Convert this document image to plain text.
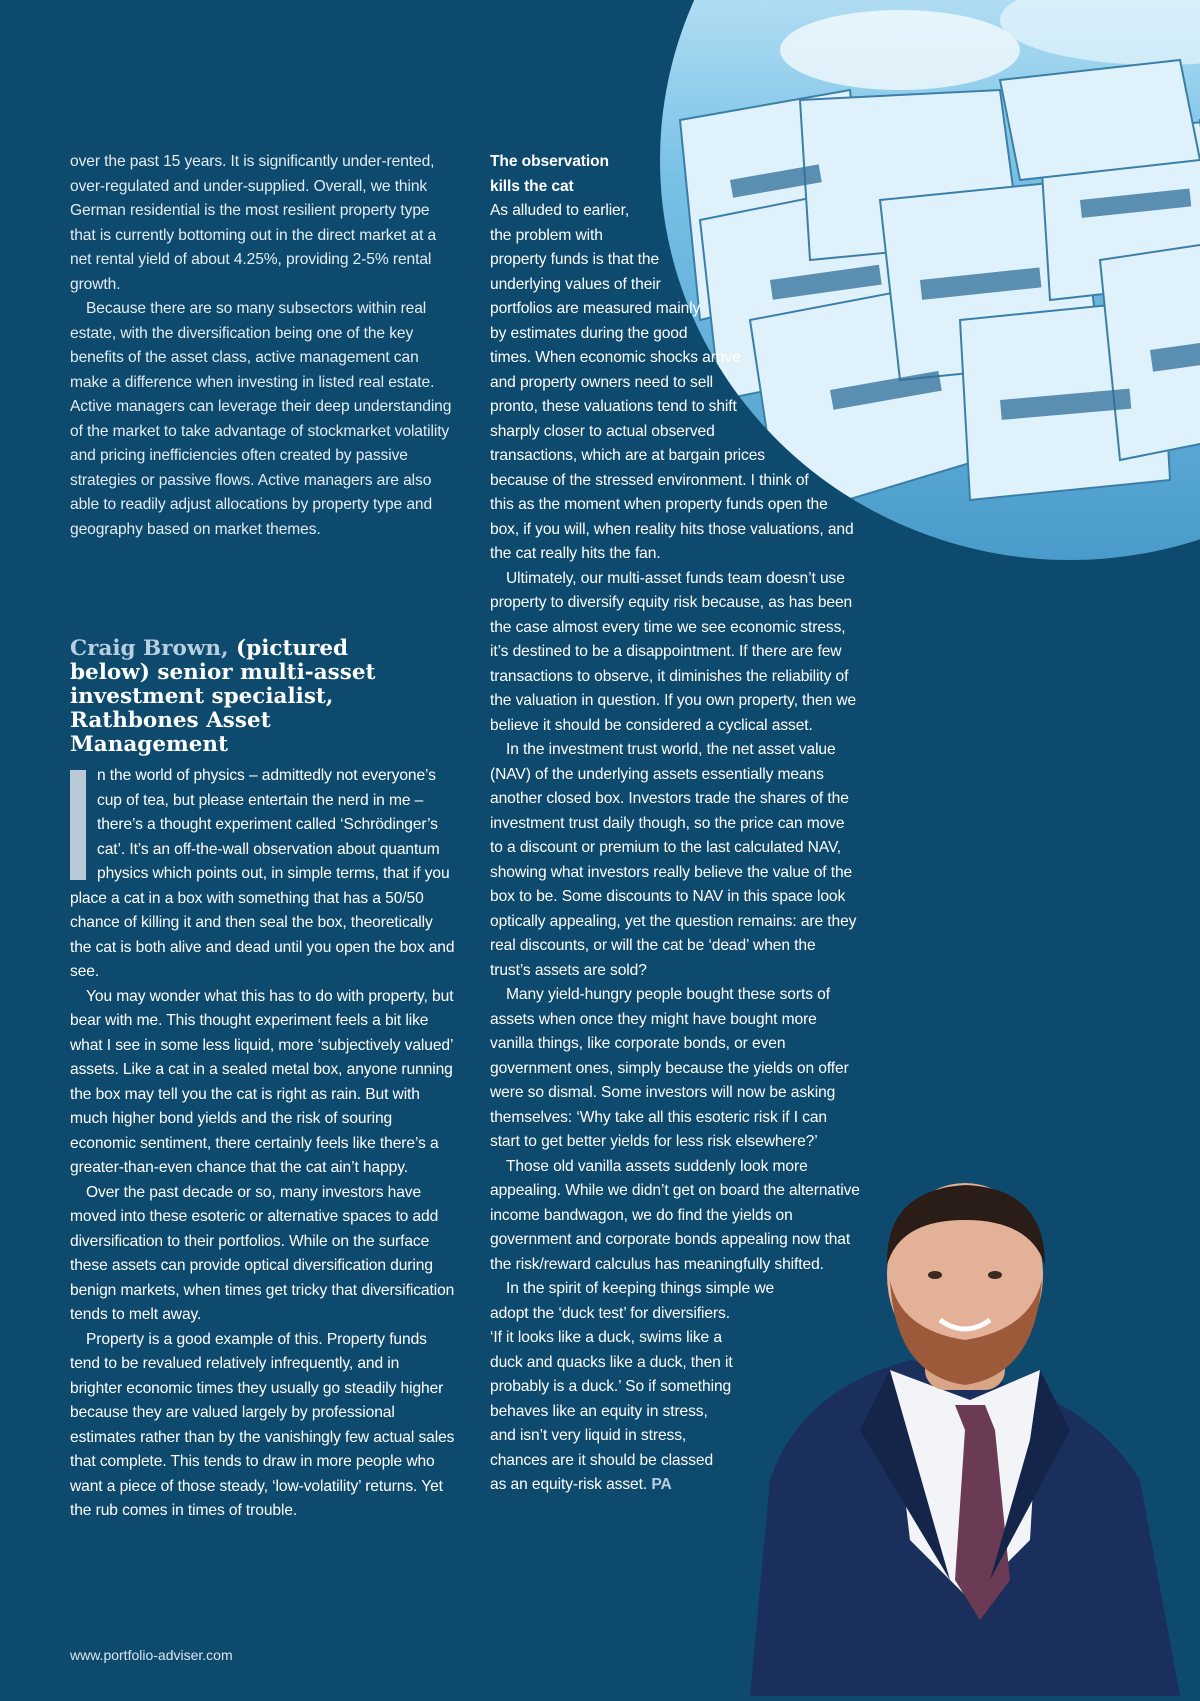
over the past 15 years. It is significantly under-rented, over-regulated and under-supplied. Overall, we think German residential is the most resilient property type that is currently bottoming out in the direct market at a net rental yield of about 4.25%, providing 2-5% rental growth.

Because there are so many subsectors within real estate, with the diversification being one of the key benefits of the asset class, active management can make a difference when investing in listed real estate. Active managers can leverage their deep understanding of the market to take advantage of stockmarket volatility and pricing inefficiencies often created by passive strategies or passive flows. Active managers are also able to readily adjust allocations by property type and geography based on market themes.

Craig Brown, (pictured below) senior multi-asset investment specialist, Rathbones Asset Management

n the world of physics – admittedly not everyone’s cup of tea, but please entertain the nerd in me – there’s a thought experiment called ‘Schrödinger’s cat’. It’s an off-the-wall observation about quantum physics which points out, in simple terms, that if you place a cat in a box with something that has a 50/50 chance of killing it and then seal the box, theoretically the cat is both alive and dead until you open the box and see.

You may wonder what this has to do with property, but bear with me. This thought experiment feels a bit like what I see in some less liquid, more ‘subjectively valued’ assets. Like a cat in a sealed metal box, anyone running the box may tell you the cat is right as rain. But with much higher bond yields and the risk of souring economic sentiment, there certainly feels like there’s a greater-than-even chance that the cat ain’t happy.

Over the past decade or so, many investors have moved into these esoteric or alternative spaces to add diversification to their portfolios. While on the surface these assets can provide optical diversification during benign markets, when times get tricky that diversification tends to melt away.

Property is a good example of this. Property funds tend to be revalued relatively infrequently, and in brighter economic times they usually go steadily higher because they are valued largely by professional estimates rather than by the vanishingly few actual sales that complete. This tends to draw in more people who want a piece of those steady, ‘low-volatility’ returns. Yet the rub comes in times of trouble.

The observation
kills the cat

As alluded to earlier, the problem with property funds is that the underlying values of their portfolios are measured mainly by estimates during the good times. When economic shocks arrive and property owners need to sell pronto, these valuations tend to shift sharply closer to actual observed transactions, which are at bargain prices because of the stressed environment. I think of this as the moment when property funds open the box, if you will, when reality hits those valuations, and the cat really hits the fan.

Ultimately, our multi-asset funds team doesn’t use property to diversify equity risk because, as has been the case almost every time we see economic stress, it’s destined to be a disappointment. If there are few transactions to observe, it diminishes the reliability of the valuation in question. If you own property, then we believe it should be considered a cyclical asset.

In the investment trust world, the net asset value (NAV) of the underlying assets essentially means another closed box. Investors trade the shares of the investment trust daily though, so the price can move to a discount or premium to the last calculated NAV, showing what investors really believe the value of the box to be. Some discounts to NAV in this space look optically appealing, yet the question remains: are they real discounts, or will the cat be ‘dead’ when the trust’s assets are sold?

Many yield-hungry people bought these sorts of assets when once they might have bought more vanilla things, like corporate bonds, or even government ones, simply because the yields on offer were so dismal. Some investors will now be asking themselves: ‘Why take all this esoteric risk if I can start to get better yields for less risk elsewhere?’

Those old vanilla assets suddenly look more appealing. While we didn’t get on board the alternative income bandwagon, we do find the yields on government and corporate bonds appealing now that the risk/reward calculus has meaningfully shifted.

In the spirit of keeping things simple we
adopt the ‘duck test’ for diversifiers.
‘If it looks like a duck, swims like a
duck and quacks like a duck, then it
probably is a duck.’ So if something
behaves like an equity in stress,
and isn’t very liquid in stress,
chances are it should be classed
as an equity-risk asset. PA
www.portfolio-adviser.com
